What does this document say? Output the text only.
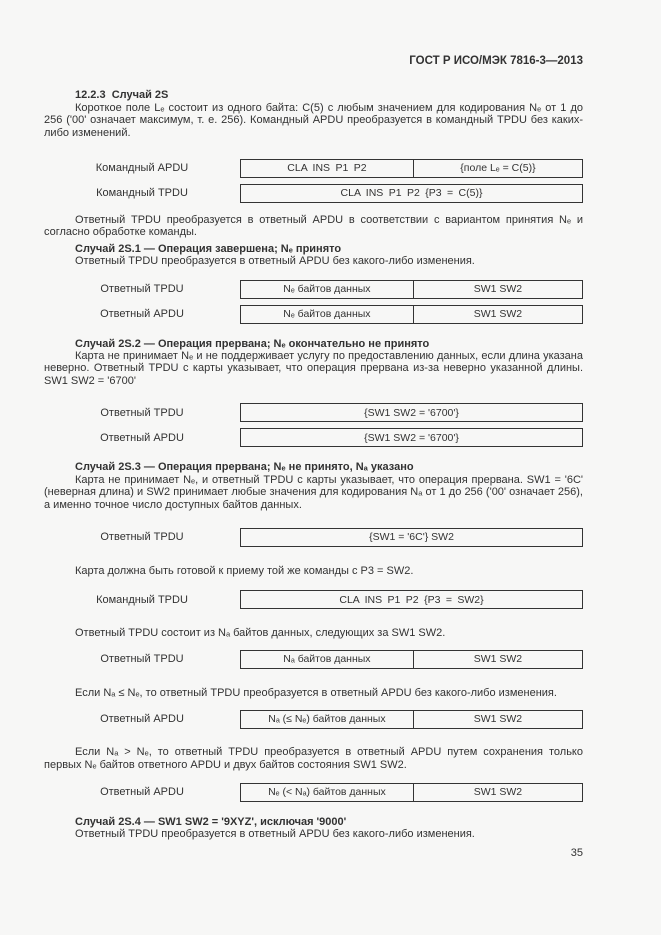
ГОСТ Р ИСО/МЭК 7816-3—2013
12.2.3  Случай 2S

Короткое поле Lₑ состоит из одного байта: C(5) с любым значением для кодирования Nₑ от 1 до 256 ('00' означает максимум, т. е. 256). Командный APDU преобразуется в командный TPDU без каких-либо изменений.

Командный APDU	CLA INS P1 P2	{поле Lₑ = C(5)}
Командный TPDU	CLA INS P1 P2 {P3 = C(5)}

Ответный TPDU преобразуется в ответный APDU в соответствии с вариантом принятия Nₑ и согласно обработке команды.

Случай 2S.1 — Операция завершена; Nₑ принято

Ответный TPDU преобразуется в ответный APDU без какого-либо изменения.

Ответный TPDU	Nₑ байтов данных	SW1 SW2
Ответный APDU	Nₑ байтов данных	SW1 SW2
Случай 2S.2 — Операция прервана; Nₑ окончательно не принято

Карта не принимает Nₑ и не поддерживает услугу по предоставлению данных, если длина указана неверно. Ответный TPDU с карты указывает, что операция прервана из-за неверно указанной длины. SW1 SW2 = '6700'

Ответный TPDU	{SW1 SW2 = '6700'}
Ответный APDU	{SW1 SW2 = '6700'}
Случай 2S.3 — Операция прервана; Nₑ не принято, Nₐ указано

Карта не принимает Nₑ, и ответный TPDU с карты указывает, что операция прервана. SW1 = '6C' (неверная длина) и SW2 принимает любые значения для кодирования Nₐ от 1 до 256 ('00' означает 256), а именно точное число доступных байтов данных.

Ответный TPDU	{SW1 = '6C'} SW2

Карта должна быть готовой к приему той же команды с P3 = SW2.

Командный TPDU	CLA INS P1 P2 {P3 = SW2}

Ответный TPDU состоит из Nₐ байтов данных, следующих за SW1 SW2.

Ответный TPDU	Nₐ байтов данных	SW1 SW2

Если Nₐ ≤ Nₑ, то ответный TPDU преобразуется в ответный APDU без какого-либо изменения.

Ответный APDU	Nₐ (≤ Nₑ) байтов данных	SW1 SW2

Если Nₐ > Nₑ, то ответный TPDU преобразуется в ответный APDU путем сохранения только первых Nₑ байтов ответного APDU и двух байтов состояния SW1 SW2.

Ответный APDU	Nₑ (< Nₐ) байтов данных	SW1 SW2
Случай 2S.4 — SW1 SW2 = '9XYZ', исключая '9000'

Ответный TPDU преобразуется в ответный APDU без какого-либо изменения.

35
